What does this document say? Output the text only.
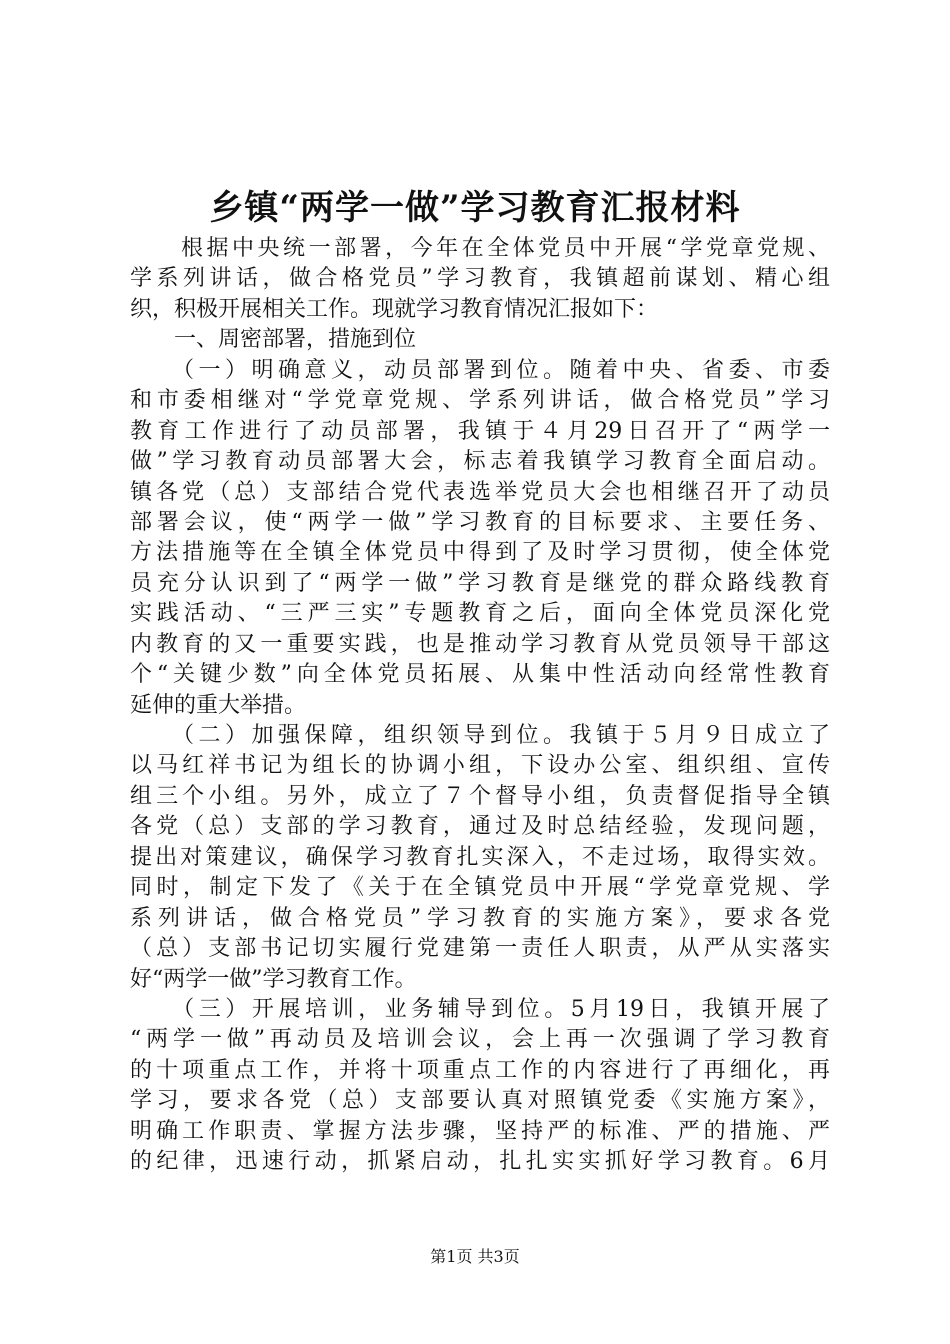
乡镇“两学一做”学习教育汇报材料
　　根据中央统一部署，今年在全体党员中开展“学党章党规、
学系列讲话，做合格党员”学习教育，我镇超前谋划、精心组
织，积极开展相关工作。现就学习教育情况汇报如下：
　　一、周密部署，措施到位
　　（一）明确意义，动员部署到位。随着中央、省委、市委
和市委相继对“学党章党规、学系列讲话，做合格党员”学习
教育工作进行了动员部署，我镇于４月29日召开了“两学一
做”学习教育动员部署大会，标志着我镇学习教育全面启动。
镇各党（总）支部结合党代表选举党员大会也相继召开了动员
部署会议，使“两学一做”学习教育的目标要求、主要任务、
方法措施等在全镇全体党员中得到了及时学习贯彻，使全体党
员充分认识到了“两学一做”学习教育是继党的群众路线教育
实践活动、“三严三实”专题教育之后，面向全体党员深化党
内教育的又一重要实践，也是推动学习教育从党员领导干部这
个“关键少数”向全体党员拓展、从集中性活动向经常性教育
延伸的重大举措。
　　（二）加强保障，组织领导到位。我镇于５月９日成立了
以马红祥书记为组长的协调小组，下设办公室、组织组、宣传
组三个小组。另外，成立了７个督导小组，负责督促指导全镇
各党（总）支部的学习教育，通过及时总结经验，发现问题，
提出对策建议，确保学习教育扎实深入，不走过场，取得实效。
同时，制定下发了《关于在全镇党员中开展“学党章党规、学
系列讲话，做合格党员”学习教育的实施方案》，要求各党
（总）支部书记切实履行党建第一责任人职责，从严从实落实
好“两学一做”学习教育工作。
　　（三）开展培训，业务辅导到位。5月19日，我镇开展了
“两学一做”再动员及培训会议，会上再一次强调了学习教育
的十项重点工作，并将十项重点工作的内容进行了再细化，再
学习，要求各党（总）支部要认真对照镇党委《实施方案》，
明确工作职责、掌握方法步骤，坚持严的标准、严的措施、严
的纪律，迅速行动，抓紧启动，扎扎实实抓好学习教育。6月
第1页 共3页
